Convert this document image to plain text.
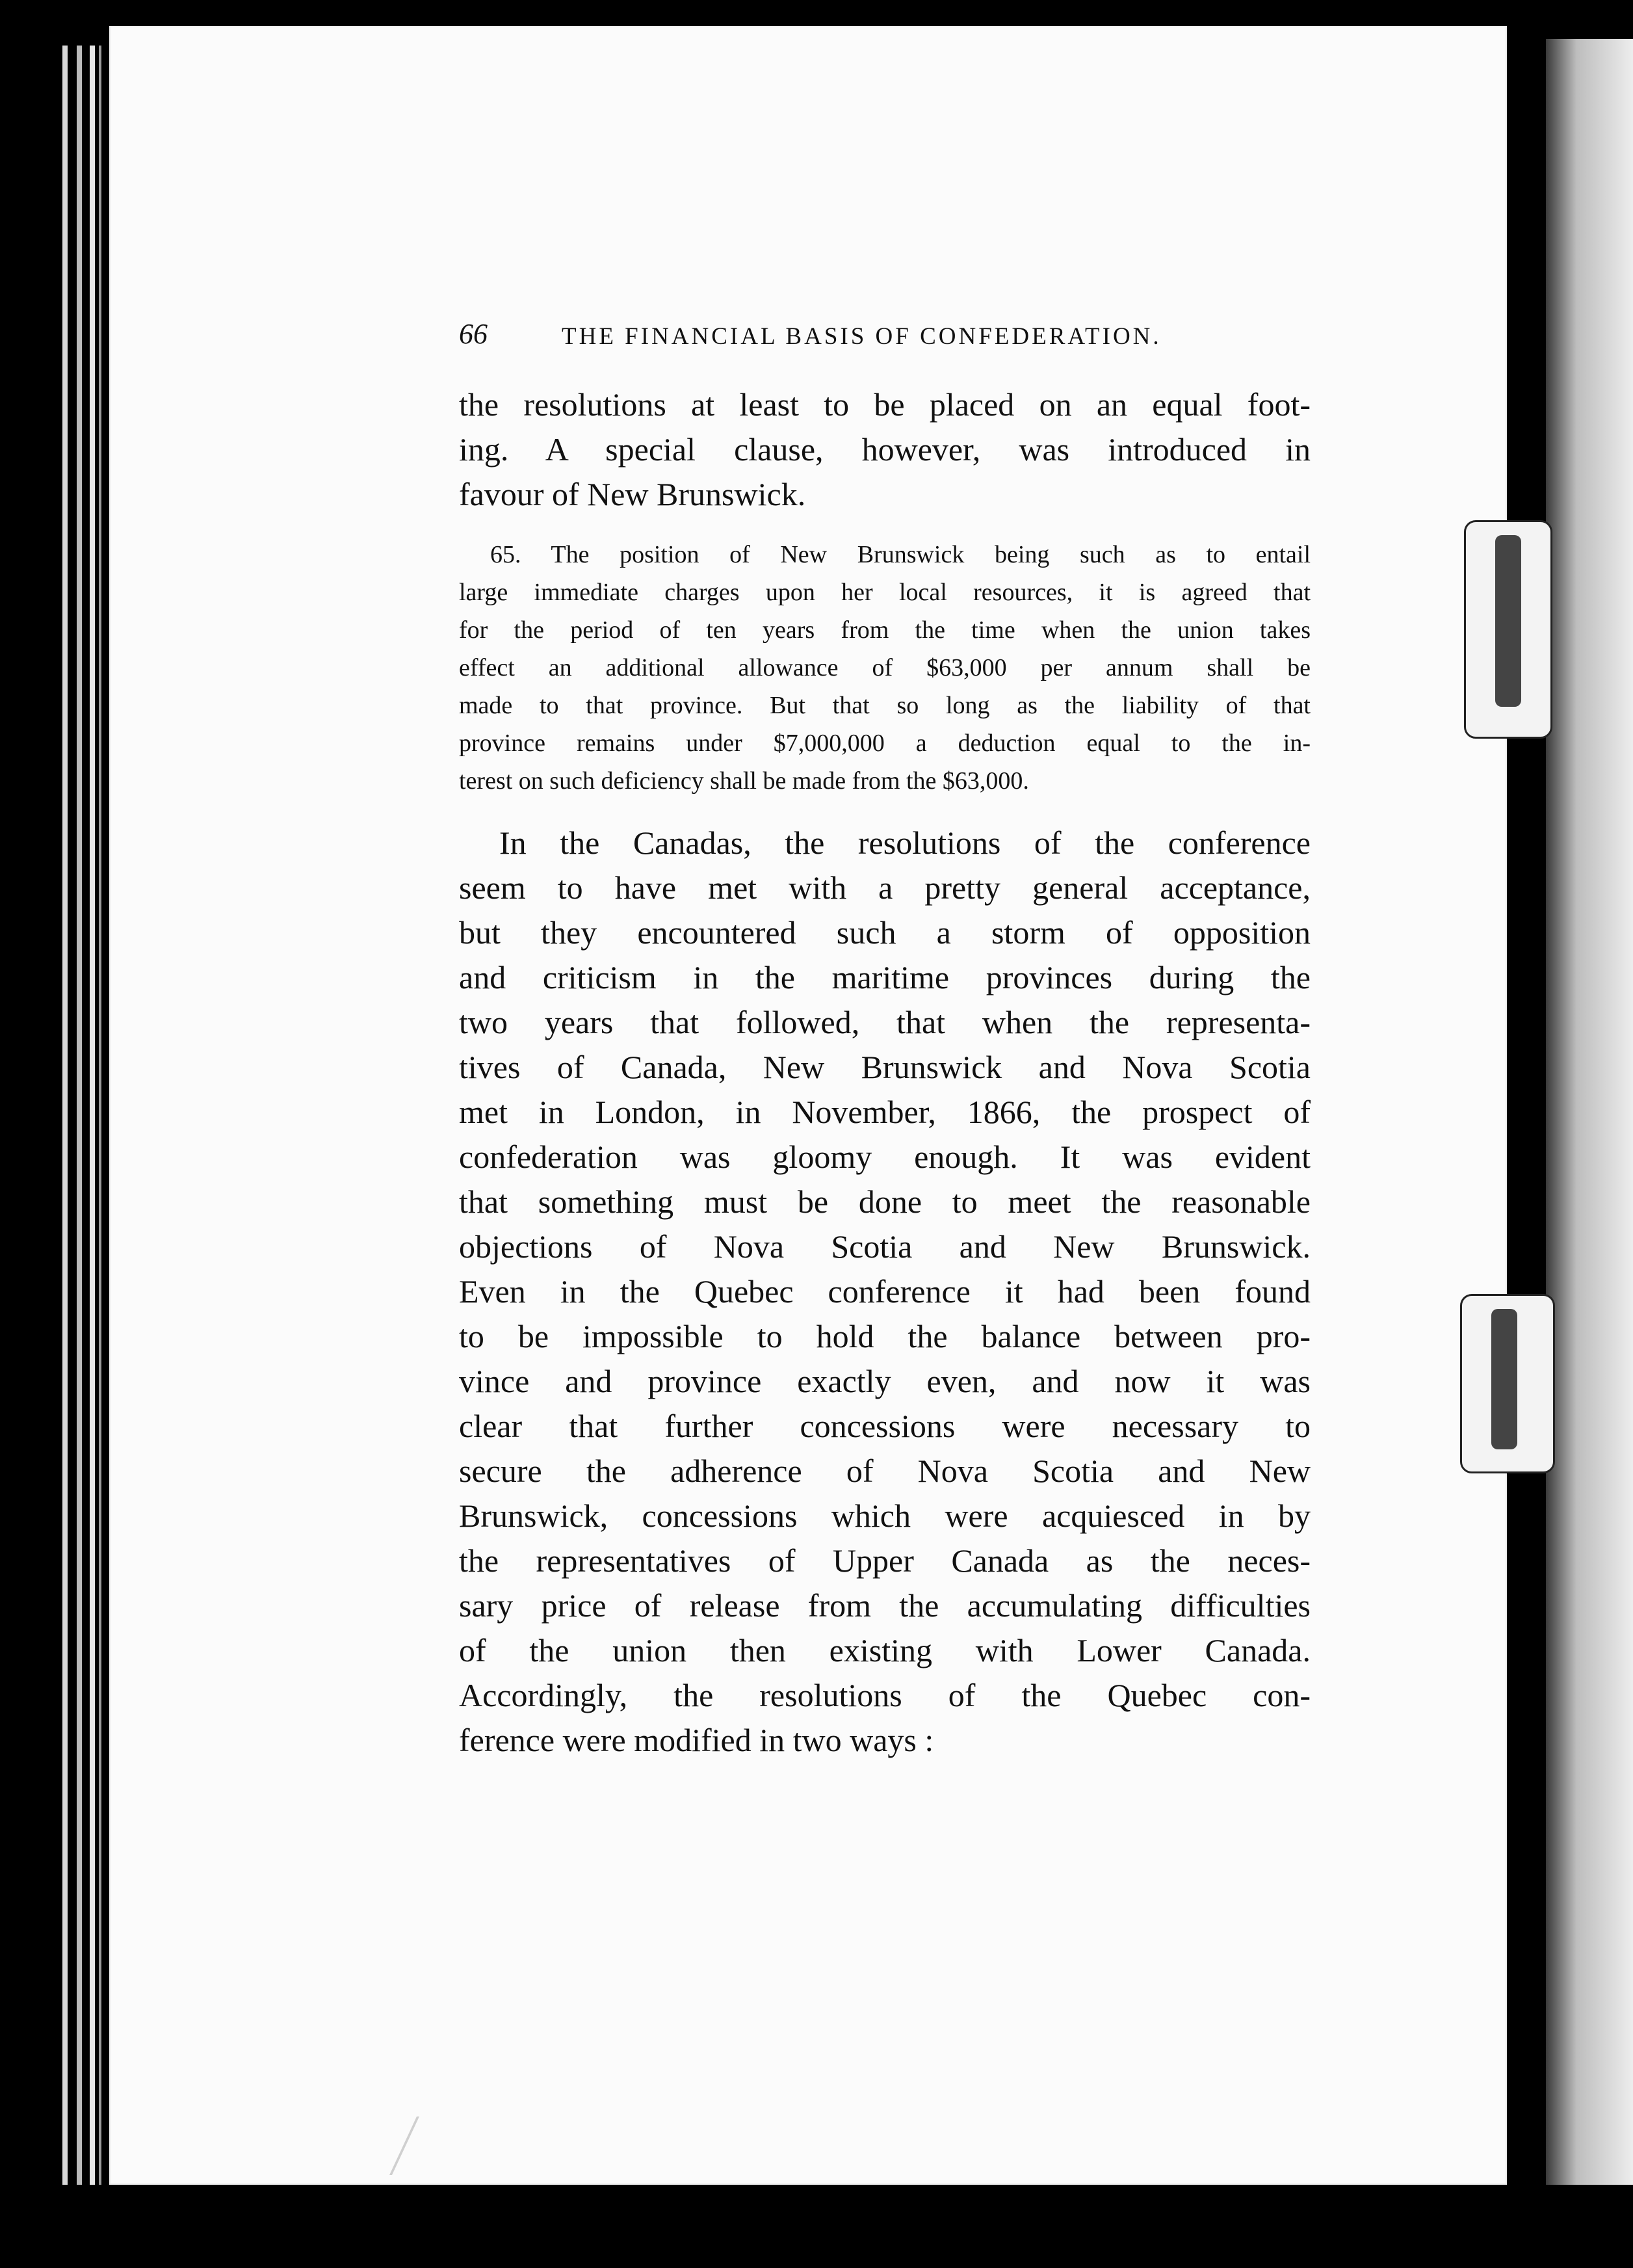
66	THE FINANCIAL BASIS OF CONFEDERATION.
the resolutions at least to be placed on an equal foot-
ing. A special clause, however, was introduced in
favour of New Brunswick.
65. The position of New Brunswick being such as to entail
large immediate charges upon her local resources, it is agreed that
for the period of ten years from the time when the union takes
effect an additional allowance of $63,000 per annum shall be
made to that province. But that so long as the liability of that
province remains under $7,000,000 a deduction equal to the in-
terest on such deficiency shall be made from the $63,000.
In the Canadas, the resolutions of the conference
seem to have met with a pretty general acceptance,
but they encountered such a storm of opposition
and criticism in the maritime provinces during the
two years that followed, that when the representa-
tives of Canada, New Brunswick and Nova Scotia
met in London, in November, 1866, the prospect of
confederation was gloomy enough. It was evident
that something must be done to meet the reasonable
objections of Nova Scotia and New Brunswick.
Even in the Quebec conference it had been found
to be impossible to hold the balance between pro-
vince and province exactly even, and now it was
clear that further concessions were necessary to
secure the adherence of Nova Scotia and New
Brunswick, concessions which were acquiesced in by
the representatives of Upper Canada as the neces-
sary price of release from the accumulating difficulties
of the union then existing with Lower Canada.
Accordingly, the resolutions of the Quebec con-
ference were modified in two ways :
